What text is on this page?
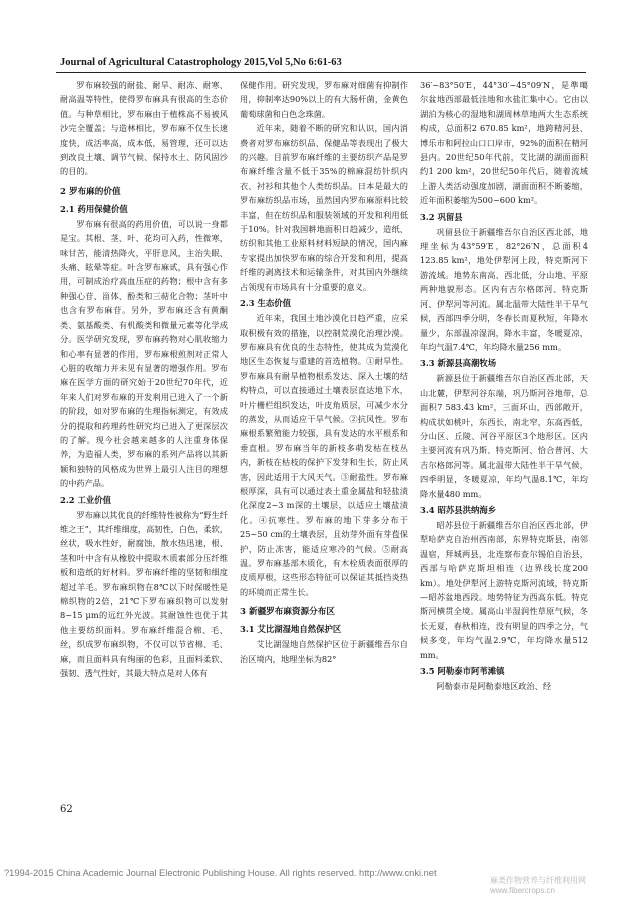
Journal of Agricultural Catastrophology 2015,Vol 5,No 6:61-63

罗布麻较强的耐盐、耐旱、耐冻、耐寒、耐高温等特性，使得罗布麻具有很高的生态价值。与种草相比，罗布麻由于植株高不易被风沙完全覆盖；与造林相比，罗布麻不仅生长速度快，成活率高，成本低，易管理，还可以达到改良土壤、调节气候、保持水土、防风固沙的目的。

2 罗布麻的价值
2.1 药用保健价值

罗布麻有很高的药用价值，可以说一身都是宝。其根、茎、叶、花均可入药，性微寒，味甘苦，能清热降火，平肝息风，主治失眠、头痛、眩晕等症。叶含罗布麻甙，具有强心作用，可制成治疗高血压症的药物；根中含有多种强心苷、甾体、酚类和三萜化合物；茎叶中也含有罗布麻苷。另外，罗布麻还含有黄酮类、氨基酸类、有机酸类和微量元素等化学成分。医学研究发现，罗布麻药物对心肌收缩力和心率有显著的作用，罗布麻根煎剂对正常人心脏的收缩力并未见有显著的增强作用。罗布麻在医学方面的研究始于20世纪70年代，近年来人们对罗布麻的开发利用已进入了一个新的阶段，如对罗布麻的生理指标测定，有效成分的提取和药理药性研究均已进入了更深层次的了解。现今社会越来越多的人注重身体保养，为造福人类，罗布麻的系列产品将以其新颖和独特的风格成为世界上最引人注目的理想的中药产品。

2.2 工业价值

罗布麻以其优良的纤维特性被称为“野生纤维之王”，其纤维细度，高韧性，白色，柔软，丝状，吸水性好，耐腐蚀，散水热迅速，根、茎和叶中含有从橡胶中提取木质素部分压纤维板和造纸的好材料。罗布麻纤维的坚韧和细度超过羊毛。罗布麻织物在8℃以下时保暖性是棉织物的2倍，21℃下罗布麻织物可以发射8~15 μm的远红外光波。其耐蚀性也优于其他主要纺织面料。罗布麻纤维混合棉、毛、丝，织成罗布麻织物，不仅可以节省棉、毛、麻，而且面料具有绚丽的色彩，且面料柔软、强韧、透气性好，其最大特点是对人体有

保健作用。研究发现，罗布麻对细菌有抑制作用，抑制率达90%以上的有大肠杆菌，金黄色葡萄球菌和白色念珠菌。

近年来，随着不断的研究和认识，国内消费者对罗布麻纺织品、保健品等表现出了极大的兴趣。目前罗布麻纤维的主要纺织产品是罗布麻纤维含量不低于35%的棉麻混纺针织内衣、衬衫和其他个人类纺织品。日本是最大的罗布麻纺织品市场，虽然国内罗布麻原料比较丰富，但在纺织品和服装领域的开发和利用低于10%。针对我国耕地面积日趋减少，造纸、纺织和其他工业原料材料短缺的情况，国内麻专家提出加快罗布麻的综合开发和利用，提高纤维的剥离技术和运输条件，对其国内外继续占领现有市场具有十分重要的意义。

2.3 生态价值

近年来，我国土地沙漠化日趋严重，应采取积极有效的措施，以控制荒漠化治理沙漠。罗布麻具有优良的生态特性，使其成为荒漠化地区生态恢复与重建的首选植物。①耐旱性。罗布麻具有耐旱植物根系发达、深入土壤的结构特点，可以直接通过土壤表层直达地下水，叶片栅栏组织发达，叶皮角质层，可减少水分的蒸发，从而适应干旱气候。②抗风性。罗布麻根系繁殖能力较强，具有发达的水平根系和垂直根。罗布麻当年的新枝多萌发枯在枝丛内，新枝在枯枝的保护下发芽和生长，防止风害，因此适用于大风天气。③耐盐性。罗布麻根厚深，具有可以通过表土重金属盐和轻盐渍化深度2~3 m深的土壤层，以适应土壤盐渍化。④抗寒性。罗布麻的地下芽多分布于25~50 cm的土壤表层，且幼芽外面有芽苞保护，防止冻害，能适应寒冷的气候。⑤耐高温。罗布麻基部木质化，有木栓质表面很厚的皮质厚根，这些形态特征可以保证其抵挡炎热的环境而正常生长。

3 新疆罗布麻资源分布区
3.1 艾比湖湿地自然保护区

艾比湖湿地自然保护区位于新疆维吾尔自治区境内，地理坐标为82°

36′~83°50′E，44°30′~45°09′N，是準噶尔盆地西部最低洼地和水盐汇集中心。它由以湖泊为核心的湿地和湖周林草地两大生态系统构成，总面积2 670.85 km²，地跨精河县、博乐市和阿拉山口口岸市，92%的面积在精河县内。20世纪50年代前，艾比湖的湖面面积约1 200 km²，20世纪50年代后，随着流域上游人类活动强度加剧，湖面面积不断萎缩，近年面积萎缩为500~600 km²。

3.2 巩留县

巩留县位于新疆维吾尔自治区西北部，地理坐标为43°59′E，82°26′N，总面积4 123.85 km²，地处伊犁河上段，特克斯河下游流域。地势东南高、西北低，分山地、平原两种地貌形态。区内有吉尔格郎河、特克斯河、伊犁河等河流。属北温带大陆性半干旱气候，西部四季分明，冬春长而夏秋短，年降水量少，东部温凉湿润，降水丰富，冬暖夏凉，年均气温7.4℃，年均降水量256 mm。

3.3 新源县高潮牧场

新源县位于新疆维吾尔自治区西北部，天山北麓，伊犁河谷东端，巩乃斯河谷地带，总面积7 583.43 km²，三面环山，西部敞开，构成状如桃叶，东西长，南北窄，东高西低，分山区、丘陵、河谷平原区3个地形区。区内主要河流有巩乃斯、特克斯河、恰合普河、大吉尔格郎河等。属北温带大陆性半干旱气候，四季明显，冬暖夏凉，年均气温8.1℃，年均降水量480 mm。

3.4 昭苏县洪纳海乡

昭苏县位于新疆维吾尔自治区西北部，伊犁哈萨克自治州西南部，东界特克斯县，南邻温宿，拜城两县，北连察布查尔锡伯自治县，西部与哈萨克斯坦相连（边界线长度200 km）。地处伊犁河上游特克斯河流域，特克斯—昭苏盆地西段。地势特征为西高东低。特克斯河横贯全境。属高山半湿润性草原气候，冬长无夏，春秋相连，没有明显的四季之分，气候多变，年均气温2.9℃，年均降水量512 mm。

3.5 阿勒泰市阿苇滩镇

阿勒泰市是阿勒泰地区政治、经

62
?1994-2015 China Academic Journal Electronic Publishing House. All rights reserved. http://www.cnki.net
麻类作物营养与纤维利用网
www.fibercrops.cn
